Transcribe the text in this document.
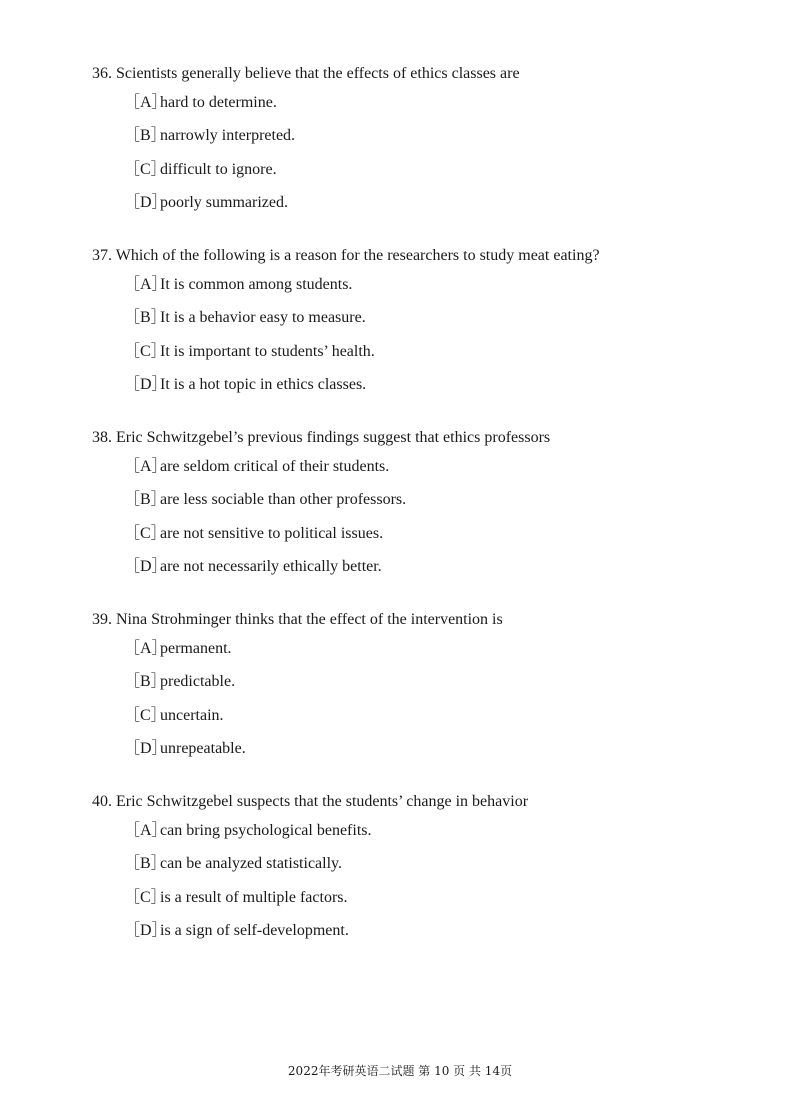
36. Scientists generally believe that the effects of ethics classes are

［A］hard to determine.
［B］narrowly interpreted.
［C］difficult to ignore.
［D］poorly summarized.

37. Which of the following is a reason for the researchers to study meat eating?

［A］It is common among students.
［B］It is a behavior easy to measure.
［C］It is important to students’ health.
［D］It is a hot topic in ethics classes.

38. Eric Schwitzgebel’s previous findings suggest that ethics professors

［A］are seldom critical of their students.
［B］are less sociable than other professors.
［C］are not sensitive to political issues.
［D］are not necessarily ethically better.

39. Nina Strohminger thinks that the effect of the intervention is

［A］permanent.
［B］predictable.
［C］uncertain.
［D］unrepeatable.

40. Eric Schwitzgebel suspects that the students’ change in behavior

［A］can bring psychological benefits.
［B］can be analyzed statistically.
［C］is a result of multiple factors.
［D］is a sign of self-development.
2022年考研英语二试题 第 10 页 共 14页
